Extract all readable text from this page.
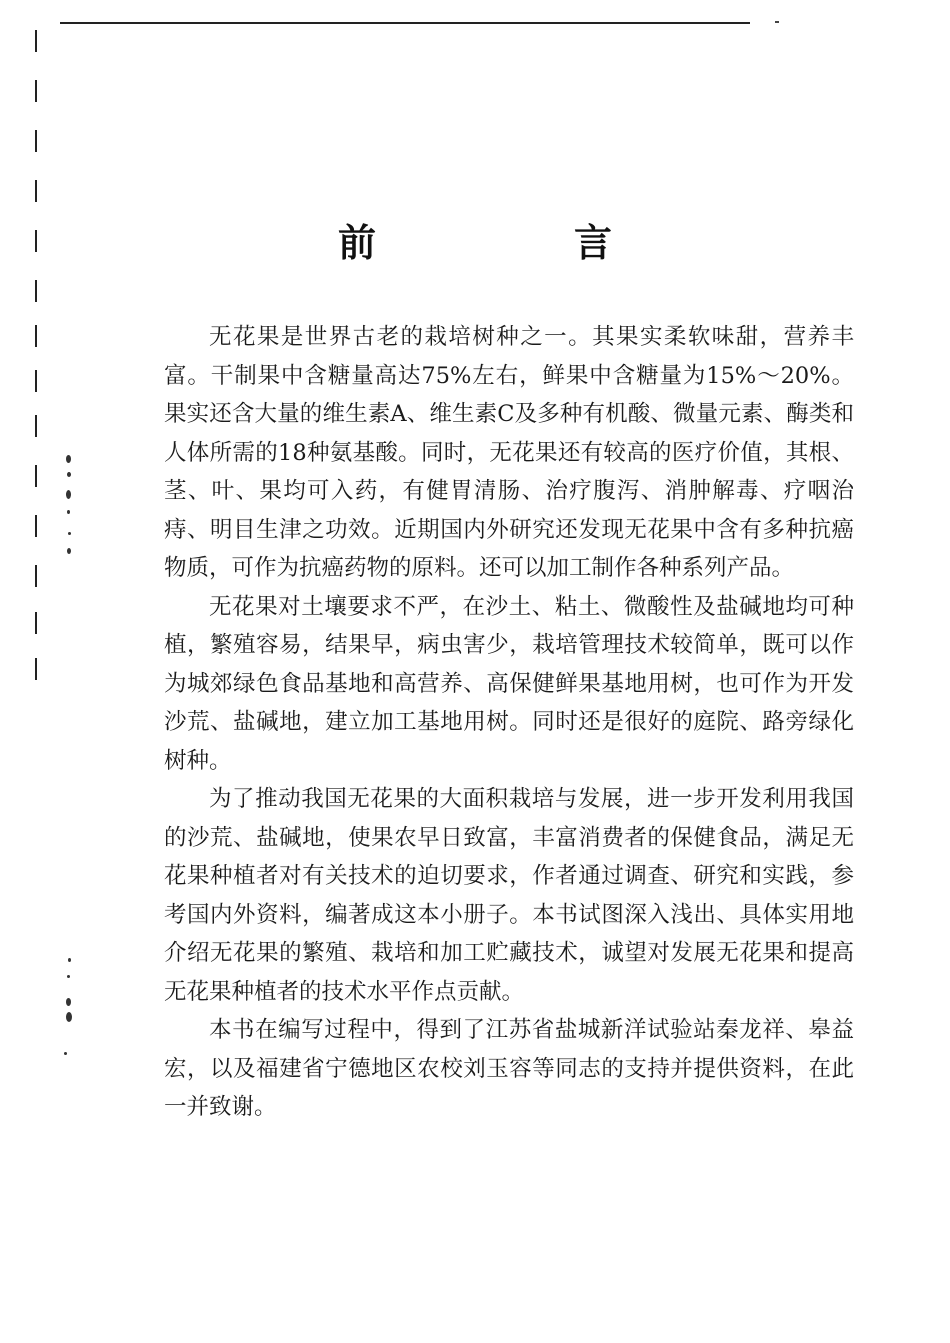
前　言

无花果是世界古老的栽培树种之一。其果实柔软味甜，营养丰富。干制果中含糖量高达75%左右，鲜果中含糖量为15%～20%。果实还含大量的维生素A、维生素C及多种有机酸、微量元素、酶类和人体所需的18种氨基酸。同时，无花果还有较高的医疗价值，其根、茎、叶、果均可入药，有健胃清肠、治疗腹泻、消肿解毒、疗咽治痔、明目生津之功效。近期国内外研究还发现无花果中含有多种抗癌物质，可作为抗癌药物的原料。还可以加工制作各种系列产品。

无花果对土壤要求不严，在沙土、粘土、微酸性及盐碱地均可种植，繁殖容易，结果早，病虫害少，栽培管理技术较简单，既可以作为城郊绿色食品基地和高营养、高保健鲜果基地用树，也可作为开发沙荒、盐碱地，建立加工基地用树。同时还是很好的庭院、路旁绿化树种。

为了推动我国无花果的大面积栽培与发展，进一步开发利用我国的沙荒、盐碱地，使果农早日致富，丰富消费者的保健食品，满足无花果种植者对有关技术的迫切要求，作者通过调查、研究和实践，参考国内外资料，编著成这本小册子。本书试图深入浅出、具体实用地介绍无花果的繁殖、栽培和加工贮藏技术，诚望对发展无花果和提高无花果种植者的技术水平作点贡献。

本书在编写过程中，得到了江苏省盐城新洋试验站秦龙祥、皋益宏，以及福建省宁德地区农校刘玉容等同志的支持并提供资料，在此一并致谢。
